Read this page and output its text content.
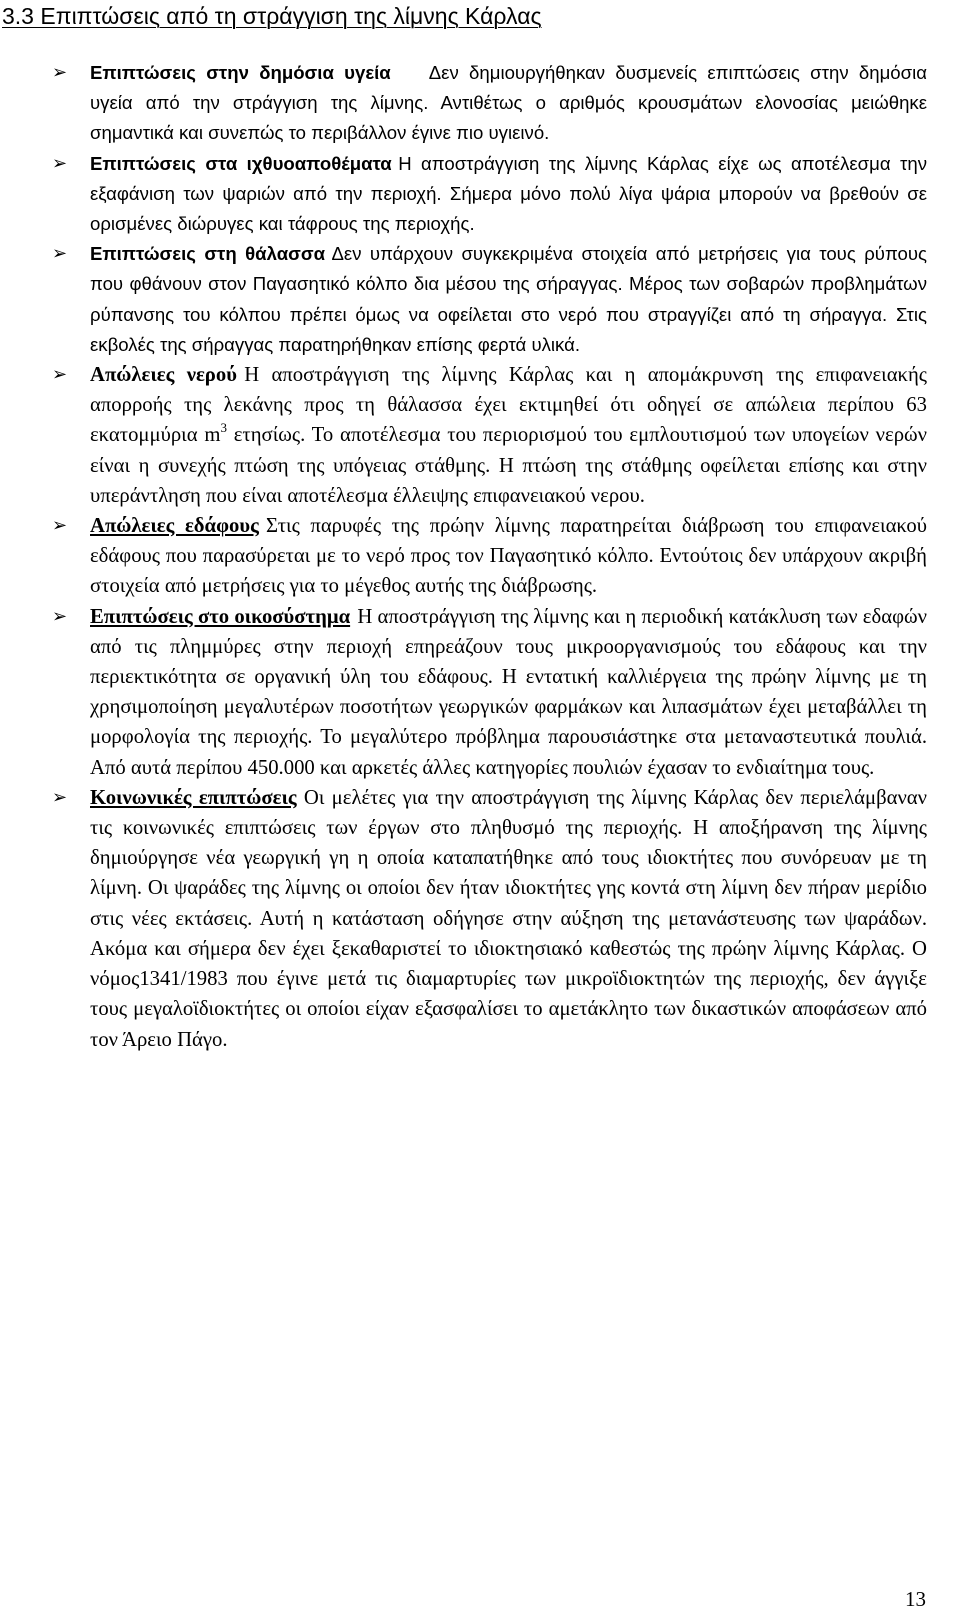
3.3 Επιπτώσεις από τη στράγγιση της λίμνης Κάρλας
➢ Επιπτώσεις στην δημόσια υγεία Δεν δημιουργήθηκαν δυσμενείς επιπτώσεις στην δημόσια υγεία από την στράγγιση της λίμνης. Αντιθέτως ο αριθμός κρουσμάτων ελονοσίας μειώθηκε σημαντικά και συνεπώς το περιβάλλον έγινε πιο υγιεινό.
➢ Επιπτώσεις στα ιχθυοαποθέματα Η αποστράγγιση της λίμνης Κάρλας είχε ως αποτέλεσμα την εξαφάνιση των ψαριών από την περιοχή. Σήμερα μόνο πολύ λίγα ψάρια μπορούν να βρεθούν σε ορισμένες διώρυγες και τάφρους της περιοχής.
➢ Επιπτώσεις στη θάλασσα Δεν υπάρχουν συγκεκριμένα στοιχεία από μετρήσεις για τους ρύπους που φθάνουν στον Παγασητικό κόλπο δια μέσου της σήραγγας. Μέρος των σοβαρών προβλημάτων ρύπανσης του κόλπου πρέπει όμως να οφείλεται στο νερό που στραγγίζει από τη σήραγγα. Στις εκβολές της σήραγγας παρατηρήθηκαν επίσης φερτά υλικά.
➢ Απώλειες νερού Η αποστράγγιση της λίμνης Κάρλας και η απομάκρυνση της επιφανειακής απορροής της λεκάνης προς τη θάλασσα έχει εκτιμηθεί ότι οδηγεί σε απώλεια περίπου 63 εκατομμύρια $m^3$ ετησίως. Το αποτέλεσμα του περιορισμού του εμπλουτισμού των υπογείων νερών είναι η συνεχής πτώση της υπόγειας στάθμης. Η πτώση της στάθμης οφείλεται επίσης και στην υπεράντληση που είναι αποτέλεσμα έλλειψης επιφανειακού νερου.
➢ Απώλειες εδάφους Στις παρυφές της πρώην λίμνης παρατηρείται διάβρωση του επιφανειακού εδάφους που παρασύρεται με το νερό προς τον Παγασητικό κόλπο. Εντούτοις δεν υπάρχουν ακριβή στοιχεία από μετρήσεις για το μέγεθος αυτής της διάβρωσης.
➢ Επιπτώσεις στο οικοσύστημα Η αποστράγγιση της λίμνης και η περιοδική κατάκλυση των εδαφών από τις πλημμύρες στην περιοχή επηρεάζουν τους μικροοργανισμούς του εδάφους και την περιεκτικότητα σε οργανική ύλη του εδάφους. Η εντατική καλλιέργεια της πρώην λίμνης με τη χρησιμοποίηση μεγαλυτέρων ποσοτήτων γεωργικών φαρμάκων και λιπασμάτων έχει μεταβάλλει τη μορφολογία της περιοχής. Το μεγαλύτερο πρόβλημα παρουσιάστηκε στα μεταναστευτικά πουλιά. Από αυτά περίπου 450.000 και αρκετές άλλες κατηγορίες πουλιών έχασαν το ενδιαίτημα τους.
➢ Κοινωνικές επιπτώσεις Οι μελέτες για την αποστράγγιση της λίμνης Κάρλας δεν περιελάμβαναν τις κοινωνικές επιπτώσεις των έργων στο πληθυσμό της περιοχής. Η αποξήρανση της λίμνης δημιούργησε νέα γεωργική γη η οποία καταπατήθηκε από τους ιδιοκτήτες που συνόρευαν με τη λίμνη. Οι ψαράδες της λίμνης οι οποίοι δεν ήταν ιδιοκτήτες γης κοντά στη λίμνη δεν πήραν μερίδιο στις νέες εκτάσεις. Αυτή η κατάσταση οδήγησε στην αύξηση της μετανάστευσης των ψαράδων. Ακόμα και σήμερα δεν έχει ξεκαθαριστεί το ιδιοκτησιακό καθεστώς της πρώην λίμνης Κάρλας. Ο νόμος1341/1983 που έγινε μετά τις διαμαρτυρίες των μικροϊδιοκτητών της περιοχής, δεν άγγιξε τους μεγαλοϊδιοκτήτες οι οποίοι είχαν εξασφαλίσει το αμετάκλητο των δικαστικών αποφάσεων από τον Άρειο Πάγο.
13
